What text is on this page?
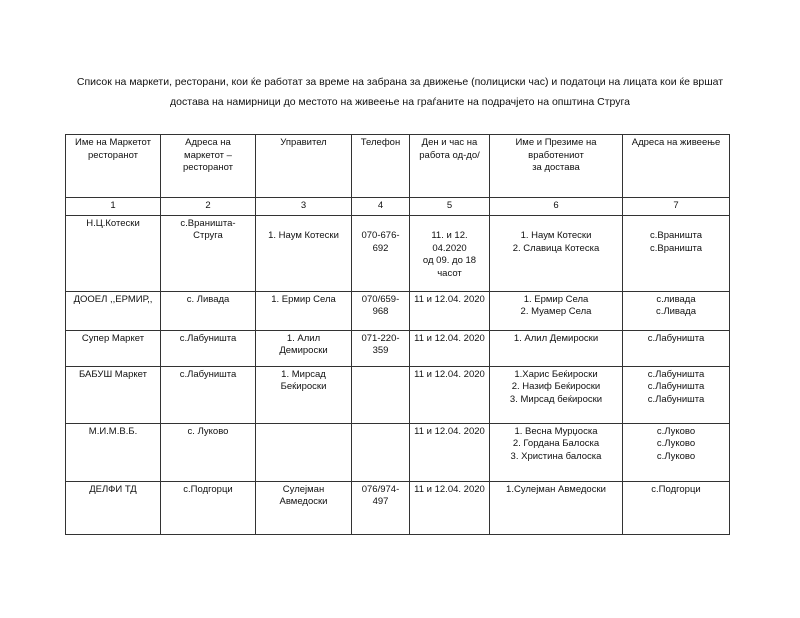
Список на маркети, ресторани, кои ќе работат за време на забрана за движење (полициски час) и податоци на лицата кои ќе вршат
достава на намирници до местото на живеење на граѓаните на подрачјето на општина Струга
Име на Маркетот
ресторанот	Адреса на
маркетот –
ресторанот	Управител	Телефон	Ден и час на
работа од-до/	Име и Презиме на
вработениот
за достава	Адреса на живеење

1	2	3	4	5	6	7

Н.Ц.Котески	с.Враништа-
Струга	1. Наум Котески	070-676-692	11. и 12.
04.2020
од 09. до 18
часот	1. Наум Котески
2. Славица Котеска	с.Враништа
с.Враништа

ДООЕЛ ,,ЕРМИР,,	с. Ливада	1. Ермир Села	070/659-968	11 и 12.04. 2020	1. Ермир Села
2. Муамер Села	с.ливада
с.Ливада

Супер Маркет	с.Лабуништа	1. Алил
Демироски	071-220-359	11 и 12.04. 2020	1. Алил Демироски	с.Лабуништа

БАБУШ Маркет	с.Лабуништа	1. Мирсад
Беќироски		11 и 12.04. 2020	1.Харис Беќироски
2. Назиф Беќироски
3. Мирсад беќироски	с.Лабуништа
с.Лабуништа
с.Лабуништа

М.И.М.В.Б.	с. Луково			11 и 12.04. 2020	1. Весна Мурџоска
2. Гордана Балоска
3. Христина балоска	с.Луково
с.Луково
с.Луково

ДЕЛФИ ТД	с.Подгорци	Сулејман
Авмедоски	076/974-497	11 и 12.04. 2020	1.Сулејман Авмедоски	с.Подгорци
